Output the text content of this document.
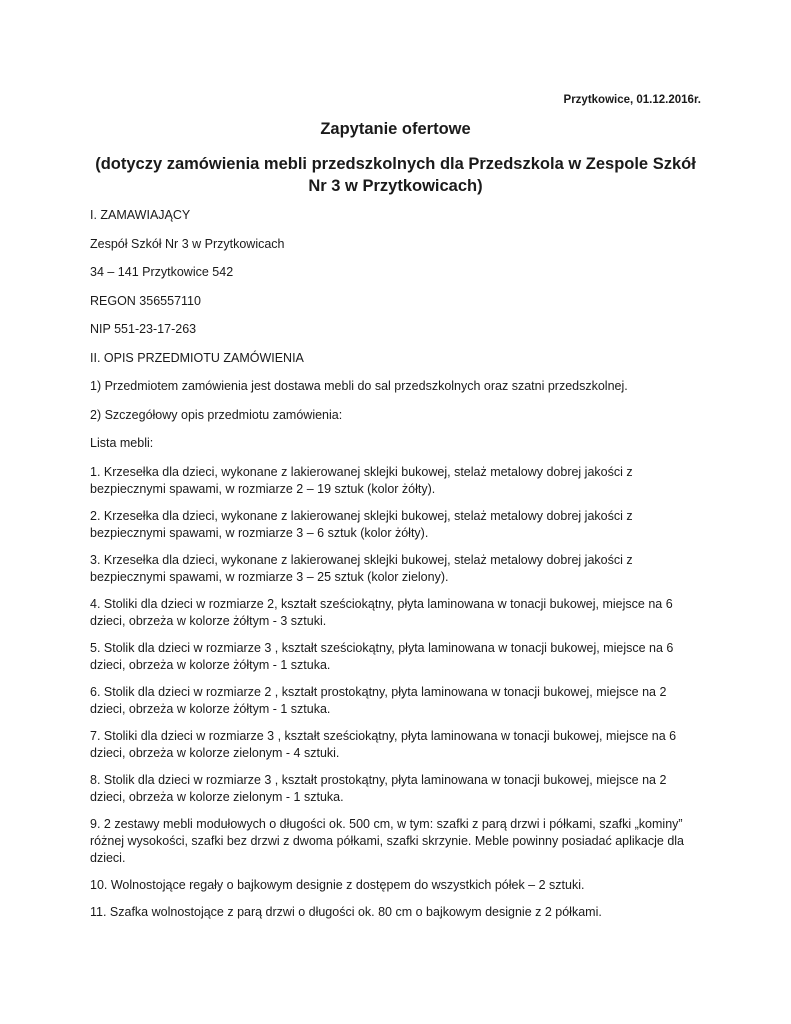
Przytkowice, 01.12.2016r.
Zapytanie ofertowe
(dotyczy zamówienia mebli przedszkolnych dla Przedszkola w Zespole Szkół Nr 3 w Przytkowicach)

I. ZAMAWIAJĄCY

Zespół Szkół Nr 3 w Przytkowicach

34 – 141 Przytkowice 542

REGON 356557110

NIP 551-23-17-263

II. OPIS PRZEDMIOTU ZAMÓWIENIA

1) Przedmiotem zamówienia jest dostawa mebli do sal przedszkolnych oraz szatni przedszkolnej.

2) Szczegółowy opis przedmiotu zamówienia:

Lista mebli:

1. Krzesełka dla dzieci, wykonane z lakierowanej sklejki bukowej, stelaż metalowy dobrej jakości z bezpiecznymi spawami, w rozmiarze 2 – 19 sztuk (kolor żółty).

2. Krzesełka dla dzieci, wykonane z lakierowanej sklejki bukowej, stelaż metalowy dobrej jakości z bezpiecznymi spawami, w rozmiarze 3 – 6 sztuk (kolor żółty).

3. Krzesełka dla dzieci, wykonane z lakierowanej sklejki bukowej, stelaż metalowy dobrej jakości z bezpiecznymi spawami, w rozmiarze 3 – 25 sztuk (kolor zielony).

4. Stoliki dla dzieci w rozmiarze 2, kształt sześciokątny, płyta laminowana w tonacji bukowej, miejsce na 6 dzieci, obrzeża w kolorze żółtym - 3 sztuki.

5. Stolik dla dzieci w rozmiarze 3 , kształt sześciokątny, płyta laminowana w tonacji bukowej, miejsce na 6 dzieci, obrzeża w kolorze żółtym - 1 sztuka.

6. Stolik dla dzieci w rozmiarze 2 , kształt prostokątny, płyta laminowana w tonacji bukowej, miejsce na 2 dzieci, obrzeża w kolorze żółtym - 1 sztuka.

7. Stoliki dla dzieci w rozmiarze 3 , kształt sześciokątny, płyta laminowana w tonacji bukowej, miejsce na 6 dzieci, obrzeża w kolorze zielonym - 4 sztuki.

8. Stolik dla dzieci w rozmiarze 3 , kształt prostokątny, płyta laminowana w tonacji bukowej, miejsce na 2 dzieci, obrzeża w kolorze zielonym - 1 sztuka.

9. 2 zestawy mebli modułowych o długości ok. 500 cm, w tym: szafki z parą drzwi i półkami, szafki „kominy” różnej wysokości, szafki bez drzwi z dwoma półkami, szafki skrzynie. Meble powinny posiadać aplikacje dla dzieci.

10. Wolnostojące regały o bajkowym designie z dostępem do wszystkich półek – 2 sztuki.

11. Szafka wolnostojące z parą drzwi o długości ok. 80 cm o bajkowym designie z 2 półkami.
